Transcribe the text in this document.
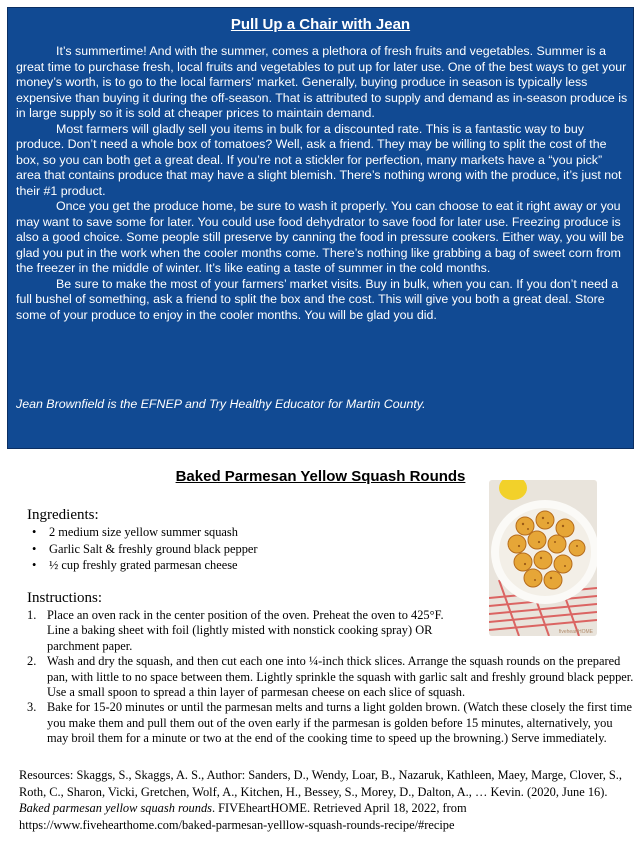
Pull Up a Chair with Jean

It’s summertime! And with the summer, comes a plethora of fresh fruits and vegetables. Summer is a great time to purchase fresh, local fruits and vegetables to put up for later use. One of the best ways to get your money’s worth, is to go to the local farmers’ market. Generally, buying produce in season is typically less expensive than buying it during the off-season. That is attributed to supply and demand as in-season produce is in large supply so it is sold at cheaper prices to maintain demand.

Most farmers will gladly sell you items in bulk for a discounted rate. This is a fantastic way to buy produce. Don’t need a whole box of tomatoes? Well, ask a friend. They may be willing to split the cost of the box, so you can both get a great deal. If you’re not a stickler for perfection, many markets have a “you pick” area that contains produce that may have a slight blemish. There’s nothing wrong with the produce, it’s just not their #1 product.

Once you get the produce home, be sure to wash it properly. You can choose to eat it right away or you may want to save some for later. You could use food dehydrator to save food for later use. Freezing produce is also a good choice. Some people still preserve by canning the food in pressure cookers. Either way, you will be glad you put in the work when the cooler months come. There’s nothing like grabbing a bag of sweet corn from the freezer in the middle of winter. It’s like eating a taste of summer in the cold months.

Be sure to make the most of your farmers’ market visits. Buy in bulk, when you can. If you don’t need a full bushel of something, ask a friend to split the box and the cost. This will give you both a great deal. Store some of your produce to enjoy in the cooler months. You will be glad you did.

Jean Brownfield is the EFNEP and Try Healthy Educator for Martin County.
Baked Parmesan Yellow Squash Rounds
fiveheartHOME
Ingredients:
• 2 medium size yellow summer squash
• Garlic Salt & freshly ground black pepper
• ½ cup freshly grated parmesan cheese
Instructions:
1. Place an oven rack in the center position of the oven. Preheat the oven to 425°F. Line a baking sheet with foil (lightly misted with nonstick cooking spray) OR parchment paper.
2. Wash and dry the squash, and then cut each one into ¼-inch thick slices. Arrange the squash rounds on the prepared pan, with little to no space between them. Lightly sprinkle the squash with garlic salt and freshly ground black pepper. Use a small spoon to spread a thin layer of parmesan cheese on each slice of squash.
3. Bake for 15-20 minutes or until the parmesan melts and turns a light golden brown. (Watch these closely the first time you make them and pull them out of the oven early if the parmesan is golden before 15 minutes, alternatively, you may broil them for a minute or two at the end of the cooking time to speed up the browning.) Serve immediately.
Resources: Skaggs, S., Skaggs, A. S., Author: Sanders, D., Wendy, Loar, B., Nazaruk, Kathleen, Maey, Marge, Clover, S., Roth, C., Sharon, Vicki, Gretchen, Wolf, A., Kitchen, H., Bessey, S., Morey, D., Dalton, A., … Kevin. (2020, June 16). Baked parmesan yellow squash rounds. FIVEheartHOME. Retrieved April 18, 2022, from https://www.fivehearthome.com/baked-parmesan-yelllow-squash-rounds-recipe/#recipe
